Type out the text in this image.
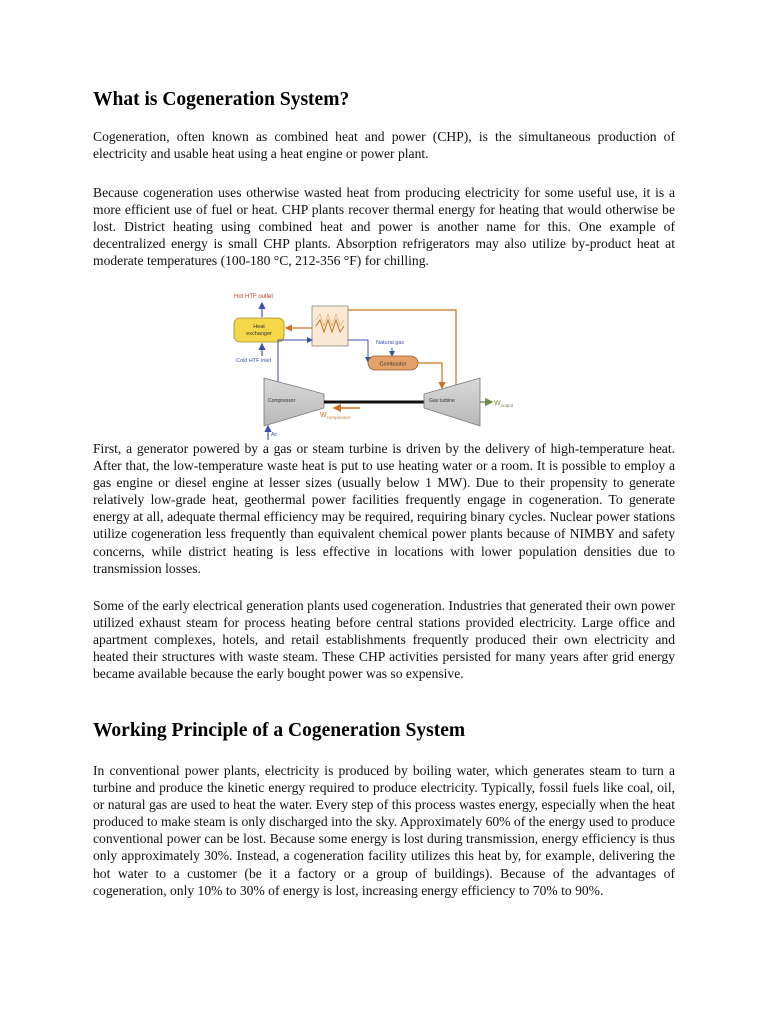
What is Cogeneration System?

Cogeneration, often known as combined heat and power (CHP), is the simultaneous production of electricity and usable heat using a heat engine or power plant.

Because cogeneration uses otherwise wasted heat from producing electricity for some useful use, it is a more efficient use of fuel or heat. CHP plants recover thermal energy for heating that would otherwise be lost. District heating using combined heat and power is another name for this. One example of decentralized energy is small CHP plants. Absorption refrigerators may also utilize by-product heat at moderate temperatures (100-180 °C, 212-356 °F) for chilling.

First, a generator powered by a gas or steam turbine is driven by the delivery of high-temperature heat. After that, the low-temperature waste heat is put to use heating water or a room. It is possible to employ a gas engine or diesel engine at lesser sizes (usually below 1 MW). Due to their propensity to generate relatively low-grade heat, geothermal power facilities frequently engage in cogeneration. To generate energy at all, adequate thermal efficiency may be required, requiring binary cycles. Nuclear power stations utilize cogeneration less frequently than equivalent chemical power plants because of NIMBY and safety concerns, while district heating is less effective in locations with lower population densities due to transmission losses.

Some of the early electrical generation plants used cogeneration. Industries that generated their own power utilized exhaust steam for process heating before central stations provided electricity. Large office and apartment complexes, hotels, and retail establishments frequently produced their own electricity and heated their structures with waste steam. These CHP activities persisted for many years after grid energy became available because the early bought power was so expensive.

Working Principle of a Cogeneration System

In conventional power plants, electricity is produced by boiling water, which generates steam to turn a turbine and produce the kinetic energy required to produce electricity. Typically, fossil fuels like coal, oil, or natural gas are used to heat the water. Every step of this process wastes energy, especially when the heat produced to make steam is only discharged into the sky. Approximately 60% of the energy used to produce conventional power can be lost. Because some energy is lost during transmission, energy efficiency is thus only approximately 30%. Instead, a cogeneration facility utilizes this heat by, for example, delivering the hot water to a customer (be it a factory or a group of buildings). Because of the advantages of cogeneration, only 10% to 30% of energy is lost, increasing energy efficiency to 70% to 90%.

Hot HTF outlet
Heat
exchanger
Cold HTF inlet
Natural gas
Combustor
Compressor	Gas turbine	$W_{output}$
$W_{compressor}$
Air
